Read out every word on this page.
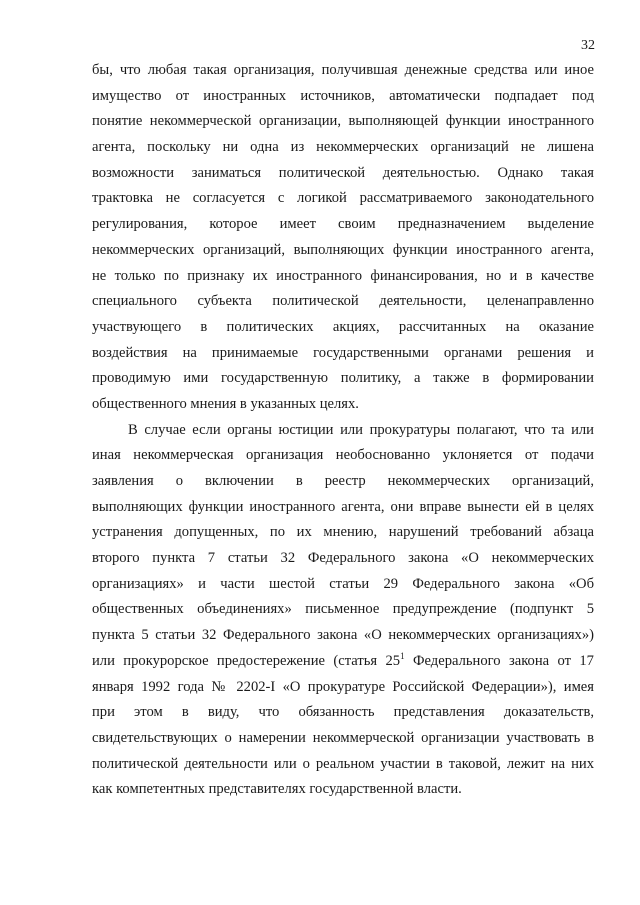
32

бы, что любая такая организация, получившая денежные средства или иное
имущество от иностранных источников, автоматически подпадает под
понятие некоммерческой организации, выполняющей функции иностранного
агента, поскольку ни одна из некоммерческих организаций не лишена
возможности заниматься политической деятельностью. Однако такая
трактовка не согласуется с логикой рассматриваемого законодательного
регулирования, которое имеет своим предназначением выделение
некоммерческих организаций, выполняющих функции иностранного агента,
не только по признаку их иностранного финансирования, но и в качестве
специального субъекта политической деятельности, целенаправленно
участвующего в политических акциях, рассчитанных на оказание
воздействия на принимаемые государственными органами решения и
проводимую ими государственную политику, а также в формировании
общественного мнения в указанных целях.

В случае если органы юстиции или прокуратуры полагают, что та или
иная некоммерческая организация необоснованно уклоняется от подачи
заявления о включении в реестр некоммерческих организаций,
выполняющих функции иностранного агента, они вправе вынести ей в целях
устранения допущенных, по их мнению, нарушений требований абзаца
второго пункта 7 статьи 32 Федерального закона «О некоммерческих
организациях» и части шестой статьи 29 Федерального закона «Об
общественных объединениях» письменное предупреждение (подпункт 5
пункта 5 статьи 32 Федерального закона «О некоммерческих организациях»)
или прокурорское предостережение (статья $25^1$ Федерального закона от 17
января 1992 года № 2202-I «О прокуратуре Российской Федерации»), имея
при этом в виду, что обязанность представления доказательств,
свидетельствующих о намерении некоммерческой организации участвовать в
политической деятельности или о реальном участии в таковой, лежит на них
как компетентных представителях государственной власти.
